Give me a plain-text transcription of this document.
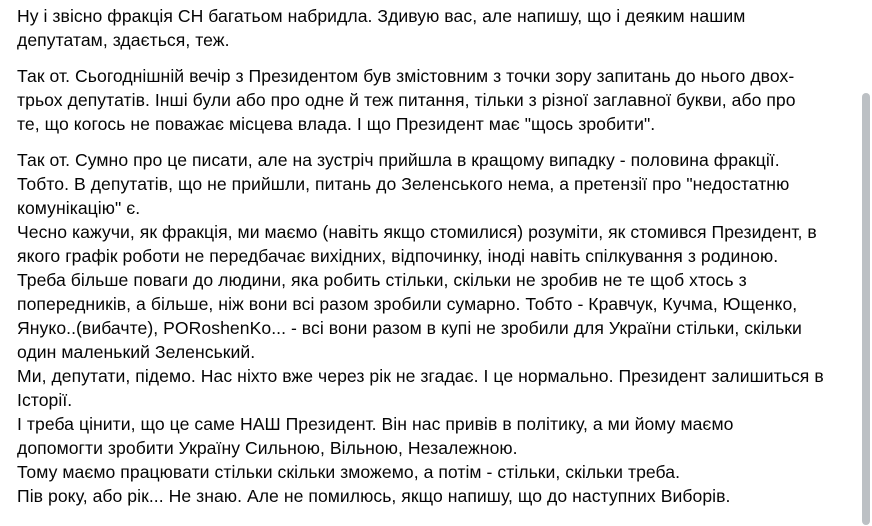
Ну і звісно фракція СН багатьом набридла. Здивую вас, але напишу, що і деяким нашим
депутатам, здається, теж.
Так от. Сьогоднішній вечір з Президентом був змістовним з точки зору запитань до нього двох-
трьох депутатів. Інші були або про одне й теж питання, тільки з різної заглавної букви, або про
те, що когось не поважає місцева влада. І що Президент має "щось зробити".
Так от. Сумно про це писати, але на зустріч прийшла в кращому випадку - половина фракції.
Тобто. В депутатів, що не прийшли, питань до Зеленського нема, а претензії про "недостатню
комунікацію" є.
Чесно кажучи, як фракція, ми маємо (навіть якщо стомилися) розуміти, як стомився Президент, в
якого графік роботи не передбачає вихідних, відпочинку, іноді навіть спілкування з родиною.
Треба більше поваги до людини, яка робить стільки, скільки не зробив не те щоб хтось з
попередників, а більше, ніж вони всі разом зробили сумарно. Тобто - Кравчук, Кучма, Ющенко,
Януко..(вибачте), PORoshenKo... - всі вони разом в купі не зробили для України стільки, скільки
один маленький Зеленський.
Ми, депутати, підемо. Нас ніхто вже через рік не згадає. І це нормально. Президент залишиться в
Історії.
І треба цінити, що це саме НАШ Президент. Він нас привів в політику, а ми йому маємо
допомогти зробити Україну Сильною, Вільною, Незалежною.
Тому маємо працювати стільки скільки зможемо, а потім - стільки, скільки треба.
Пів року, або рік... Не знаю. Але не помилюсь, якщо напишу, що до наступних Виборів.
